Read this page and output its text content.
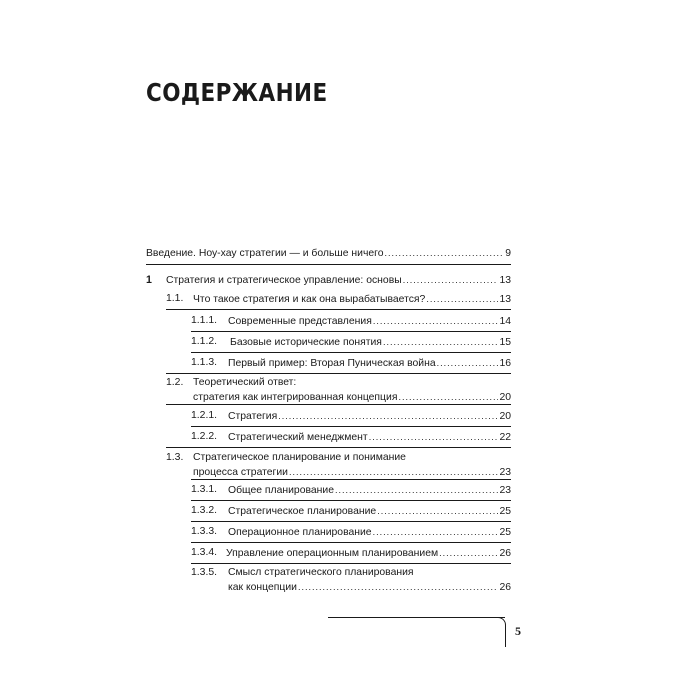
СОДЕРЖАНИЕ
Введение. Ноу-хау стратегии — и больше ничего .....	9
1 Стратегия и стратегическое управление: основы .....	13
1.1. Что такое стратегия и как она вырабатывается? .....	13
1.1.1. Современные представления .....	14
1.1.2. Базовые исторические понятия .....	15
1.1.3. Первый пример: Вторая Пуническая война .....	16
1.2. Теоретический ответ:
стратегия как интегрированная концепция .....	20
1.2.1. Стратегия .....	20
1.2.2. Стратегический менеджмент .....	22
1.3. Стратегическое планирование и понимание
процесса стратегии .....	23
1.3.1. Общее планирование .....	23
1.3.2. Стратегическое планирование .....	25
1.3.3. Операционное планирование .....	25
1.3.4. Управление операционным планированием .....	26
1.3.5. Смысл стратегического планирования
как концепции .....	26
5
